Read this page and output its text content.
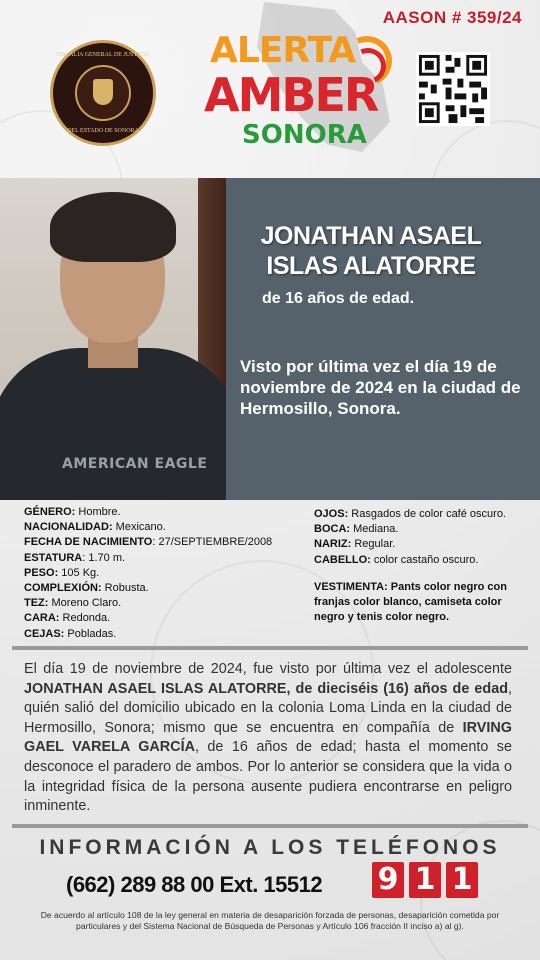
AASON # 359/24
FISCALÍA GENERAL DE JUSTICIA
DEL ESTADO DE SONORA
ALERTA
AMBER
SONORA
AMERICAN EAGLE
JONATHAN ASAEL ISLAS ALATORRE
de 16 años de edad.
Visto por última vez el día 19 de noviembre de 2024 en la ciudad de Hermosillo, Sonora.
GÉNERO: Hombre.
NACIONALIDAD: Mexicano.
FECHA DE NACIMIENTO: 27/SEPTIEMBRE/2008
ESTATURA: 1.70 m.
PESO: 105 Kg.
COMPLEXIÓN: Robusta.
TEZ: Moreno Claro.
CARA: Redonda.
CEJAS: Pobladas.
OJOS: Rasgados de color café oscuro.
BOCA: Mediana.
NARIZ: Regular.
CABELLO: color castaño oscuro.
VESTIMENTA: Pants color negro con franjas color blanco, camiseta color negro y tenis color negro.
El día 19 de noviembre de 2024, fue visto por última vez el adolescente JONATHAN ASAEL ISLAS ALATORRE, de dieciséis (16) años de edad, quién salió del domicilio ubicado en la colonia Loma Linda en la ciudad de Hermosillo, Sonora; mismo que se encuentra en compañía de IRVING GAEL VARELA GARCÍA, de 16 años de edad; hasta el momento se desconoce el paradero de ambos. Por lo anterior se considera que la vida o la integridad física de la persona ausente pudiera encontrarse en peligro inminente.
INFORMACIÓN A LOS TELÉFONOS
(662) 289 88 00 Ext. 15512 9 1 1
De acuerdo al artículo 108 de la ley general en materia de desaparición forzada de personas, desaparición cometida por particulares y del Sistema Nacional de Búsqueda de Personas y Artículo 106 fracción II inciso a) al g).
